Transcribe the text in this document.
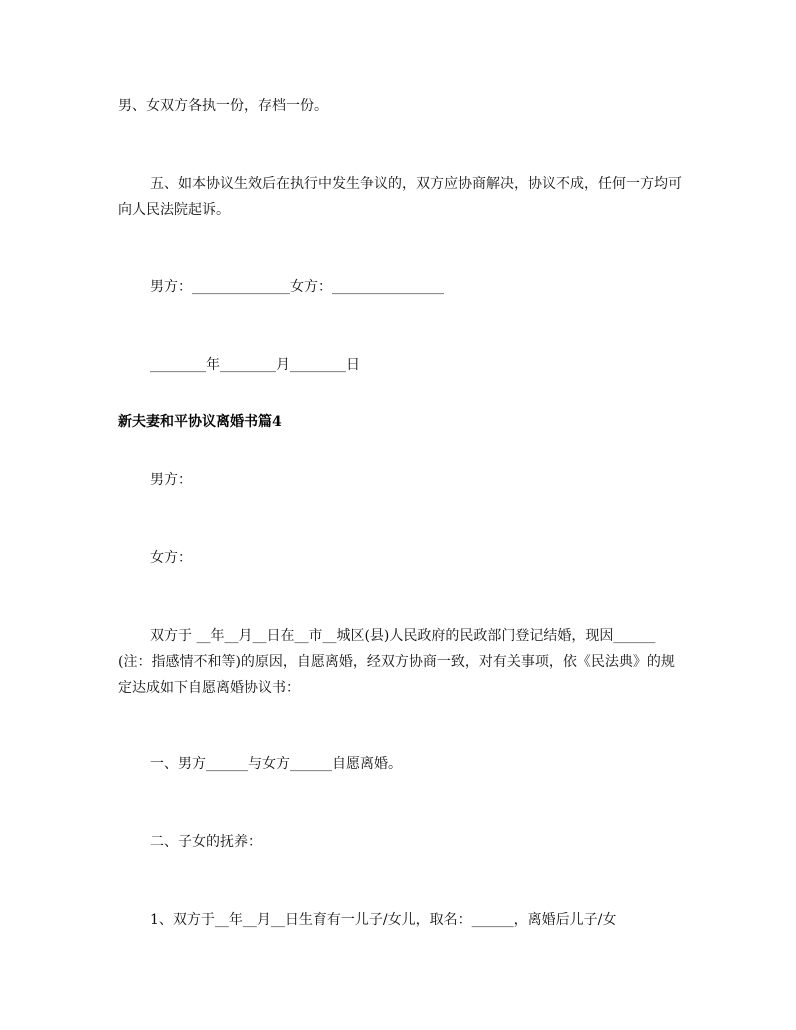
男、女双方各执一份，存档一份。
五、如本协议生效后在执行中发生争议的，双方应协商解决，协议不成，任何一方均可向人民法院起诉。
男方：______________女方：________________
________年________月________日
新夫妻和平协议离婚书篇4
男方：
女方：
双方于 __年__月__日在__市__城区(县)人民政府的民政部门登记结婚，现因______(注：指感情不和等)的原因，自愿离婚，经双方协商一致，对有关事项，依《民法典》的规定达成如下自愿离婚协议书：
一、男方______与女方______自愿离婚。
二、子女的抚养：
1、双方于__年__月__日生育有一儿子/女儿，取名：______，离婚后儿子/女
